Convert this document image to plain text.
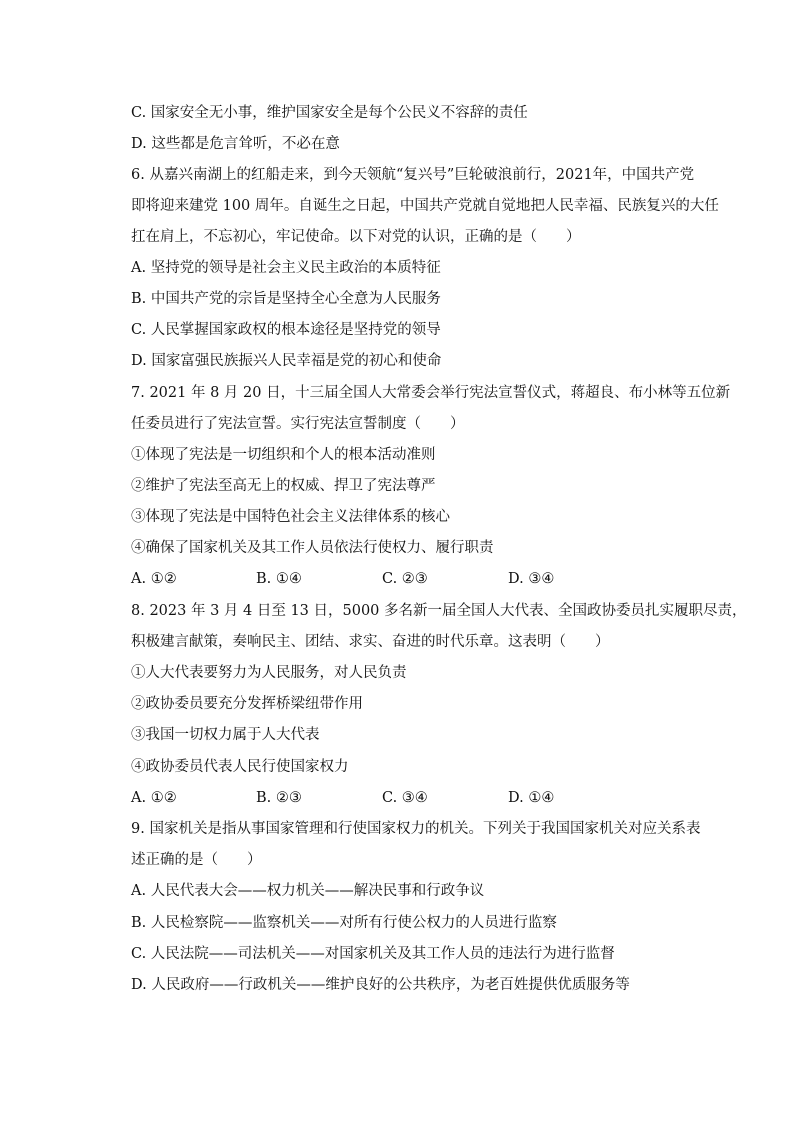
C. 国家安全无小事，维护国家安全是每个公民义不容辞的责任
D. 这些都是危言耸听，不必在意
6. 从嘉兴南湖上的红船走来，到今天领航“复兴号”巨轮破浪前行，2021年，中国共产党
即将迎来建党 100 周年。自诞生之日起，中国共产党就自觉地把人民幸福、民族复兴的大任
扛在肩上，不忘初心，牢记使命。以下对党的认识，正确的是（　　）
A. 坚持党的领导是社会主义民主政治的本质特征
B. 中国共产党的宗旨是坚持全心全意为人民服务
C. 人民掌握国家政权的根本途径是坚持党的领导
D. 国家富强民族振兴人民幸福是党的初心和使命
7. 2021 年 8 月 20 日，十三届全国人大常委会举行宪法宣誓仪式，蒋超良、布小林等五位新
任委员进行了宪法宣誓。实行宪法宣誓制度（　　）
①体现了宪法是一切组织和个人的根本活动准则
②维护了宪法至高无上的权威、捍卫了宪法尊严
③体现了宪法是中国特色社会主义法律体系的核心
④确保了国家机关及其工作人员依法行使权力、履行职责
A. ①②	B. ①④	C. ②③	D. ③④
8. 2023 年 3 月 4 日至 13 日，5000 多名新一届全国人大代表、全国政协委员扎实履职尽责，
积极建言献策，奏响民主、团结、求实、奋进的时代乐章。这表明（　　）
①人大代表要努力为人民服务，对人民负责
②政协委员要充分发挥桥梁纽带作用
③我国一切权力属于人大代表
④政协委员代表人民行使国家权力
A. ①②	B. ②③	C. ③④	D. ①④
9. 国家机关是指从事国家管理和行使国家权力的机关。下列关于我国国家机关对应关系表
述正确的是（　　）
A. 人民代表大会——权力机关——解决民事和行政争议
B. 人民检察院——监察机关——对所有行使公权力的人员进行监察
C. 人民法院——司法机关——对国家机关及其工作人员的违法行为进行监督
D. 人民政府——行政机关——维护良好的公共秩序，为老百姓提供优质服务等
